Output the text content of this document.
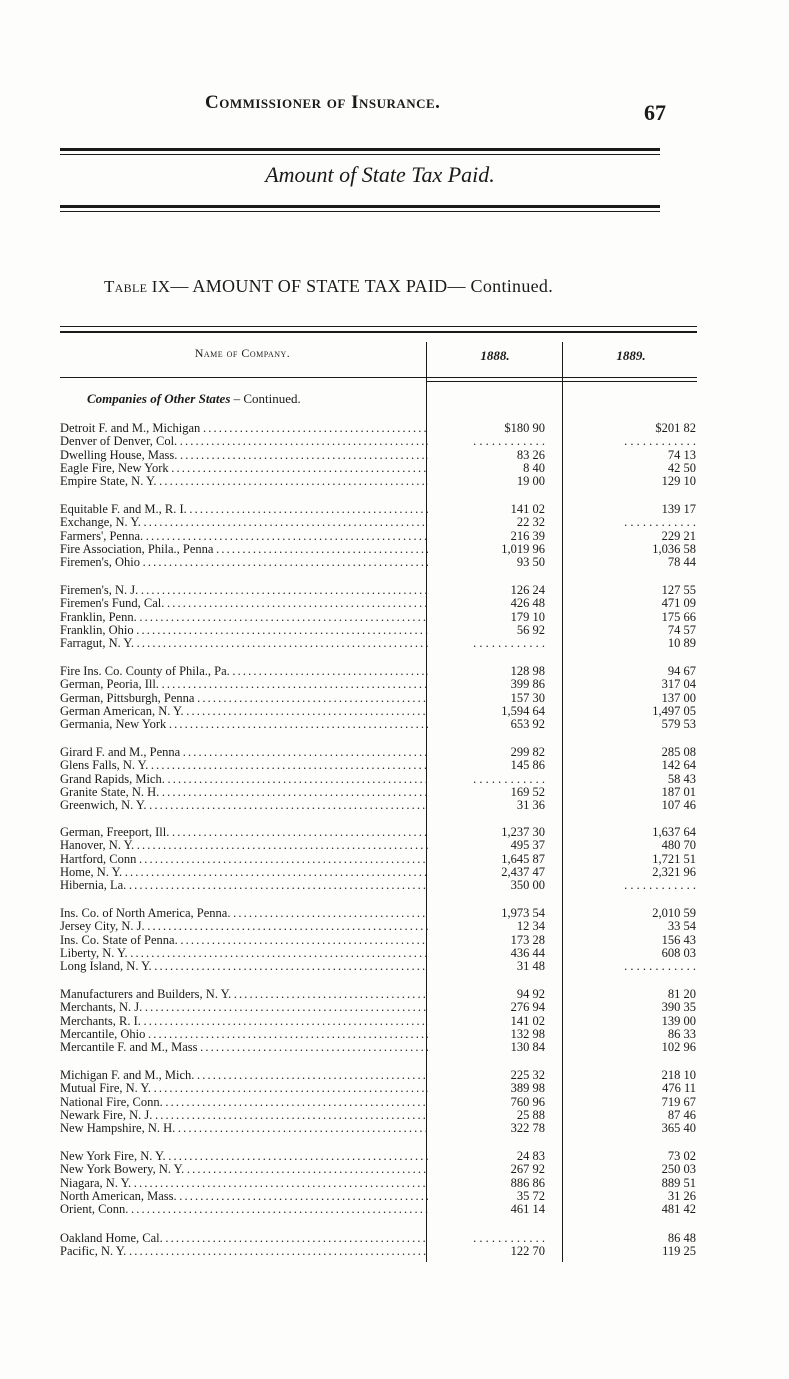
Commissioner of Insurance.	67
Amount of State Tax Paid.
Table IX— AMOUNT OF STATE TAX PAID— Continued.
Name of Company.	1888.	1889.
Companies of Other States – Continued.
Detroit F. and M., Michigan . . .	$180 90	$201 82
Denver of Denver, Col. . . .	. . . . . . . . . . . .	. . . . . . . . . . . .
Dwelling House, Mass. . . .	83 26	74 13
Eagle Fire, New York . . .	8 40	42 50
Empire State, N. Y. . . .	19 00	129 10
Equitable F. and M., R. I. . . .	141 02	139 17
Exchange, N. Y. . . .	22 32	. . . . . . . . . . . .
Farmers', Penna. . . .	216 39	229 21
Fire Association, Phila., Penna . . .	1,019 96	1,036 58
Firemen's, Ohio . . .	93 50	78 44
Firemen's, N. J. . . .	126 24	127 55
Firemen's Fund, Cal. . . .	426 48	471 09
Franklin, Penn. . . .	179 10	175 66
Franklin, Ohio . . .	56 92	74 57
Farragut, N. Y. . . .	. . . . . . . . . . . .	10 89
Fire Ins. Co. County of Phila., Pa. . . .	128 98	94 67
German, Peoria, Ill. . . .	399 86	317 04
German, Pittsburgh, Penna . . .	157 30	137 00
German American, N. Y. . . .	1,594 64	1,497 05
Germania, New York . . .	653 92	579 53
Girard F. and M., Penna . . .	299 82	285 08
Glens Falls, N. Y. . . .	145 86	142 64
Grand Rapids, Mich. . . .	. . . . . . . . . . . .	58 43
Granite State, N. H. . . .	169 52	187 01
Greenwich, N. Y. . . .	31 36	107 46
German, Freeport, Ill. . . .	1,237 30	1,637 64
Hanover, N. Y. . . .	495 37	480 70
Hartford, Conn . . .	1,645 87	1,721 51
Home, N. Y. . . .	2,437 47	2,321 96
Hibernia, La. . . .	350 00	. . . . . . . . . . . .
Ins. Co. of North America, Penna. . . .	1,973 54	2,010 59
Jersey City, N. J. . . .	12 34	33 54
Ins. Co. State of Penna. . . .	173 28	156 43
Liberty, N. Y. . . .	436 44	608 03
Long Island, N. Y. . . .	31 48	. . . . . . . . . . . .
Manufacturers and Builders, N. Y. . . .	94 92	81 20
Merchants, N. J. . . .	276 94	390 35
Merchants, R. I. . . .	141 02	139 00
Mercantile, Ohio . . .	132 98	86 33
Mercantile F. and M., Mass . . .	130 84	102 96
Michigan F. and M., Mich. . . .	225 32	218 10
Mutual Fire, N. Y. . . .	389 98	476 11
National Fire, Conn. . . .	760 96	719 67
Newark Fire, N. J. . . .	25 88	87 46
New Hampshire, N. H. . . .	322 78	365 40
New York Fire, N. Y. . . .	24 83	73 02
New York Bowery, N. Y. . . .	267 92	250 03
Niagara, N. Y. . . .	886 86	889 51
North American, Mass. . . .	35 72	31 26
Orient, Conn. . . .	461 14	481 42
Oakland Home, Cal. . . .	. . . . . . . . . . . .	86 48
Pacific, N. Y. . . .	122 70	119 25
